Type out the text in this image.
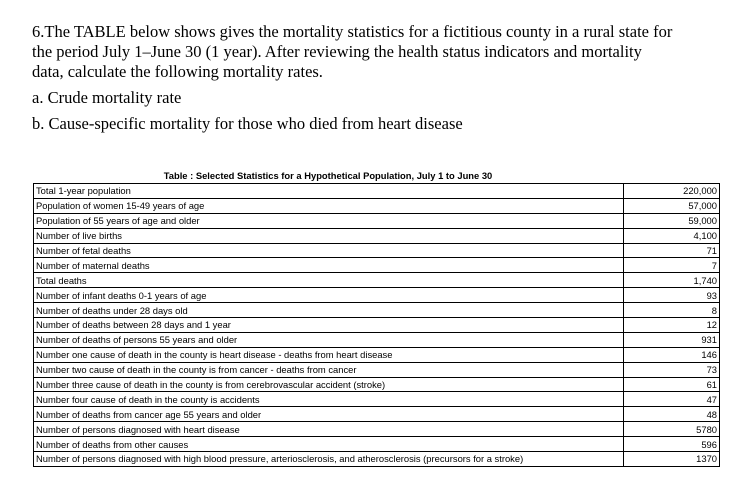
6.The TABLE below shows gives the mortality statistics for a fictitious county in a rural state for

the period July 1–June 30 (1 year). After reviewing the health status indicators and mortality

data, calculate the following mortality rates.

a. Crude mortality rate

b. Cause-specific mortality for those who died from heart disease

Table : Selected Statistics for a Hypothetical Population, July 1 to June 30
Total 1-year population	220,000
Population of women 15-49 years of age	57,000
Population of 55 years of age and older	59,000
Number of live births	4,100
Number of fetal deaths	71
Number of maternal deaths	7
Total deaths	1,740
Number of infant deaths 0-1 years of age	93
Number of deaths under 28 days old	8
Number of deaths between 28 days and 1 year	12
Number of deaths of persons 55 years and older	931
Number one cause of death in the county is heart disease - deaths from heart disease	146
Number two cause of death in the county is from cancer - deaths from cancer	73
Number three cause of death in the county is from cerebrovascular accident (stroke)	61
Number four cause of death in the county is accidents	47
Number of deaths from cancer age 55 years and older	48
Number of persons diagnosed with heart disease	5780
Number of deaths from other causes	596
Number of persons diagnosed with high blood pressure, arteriosclerosis, and atherosclerosis (precursors for a stroke)	1370
